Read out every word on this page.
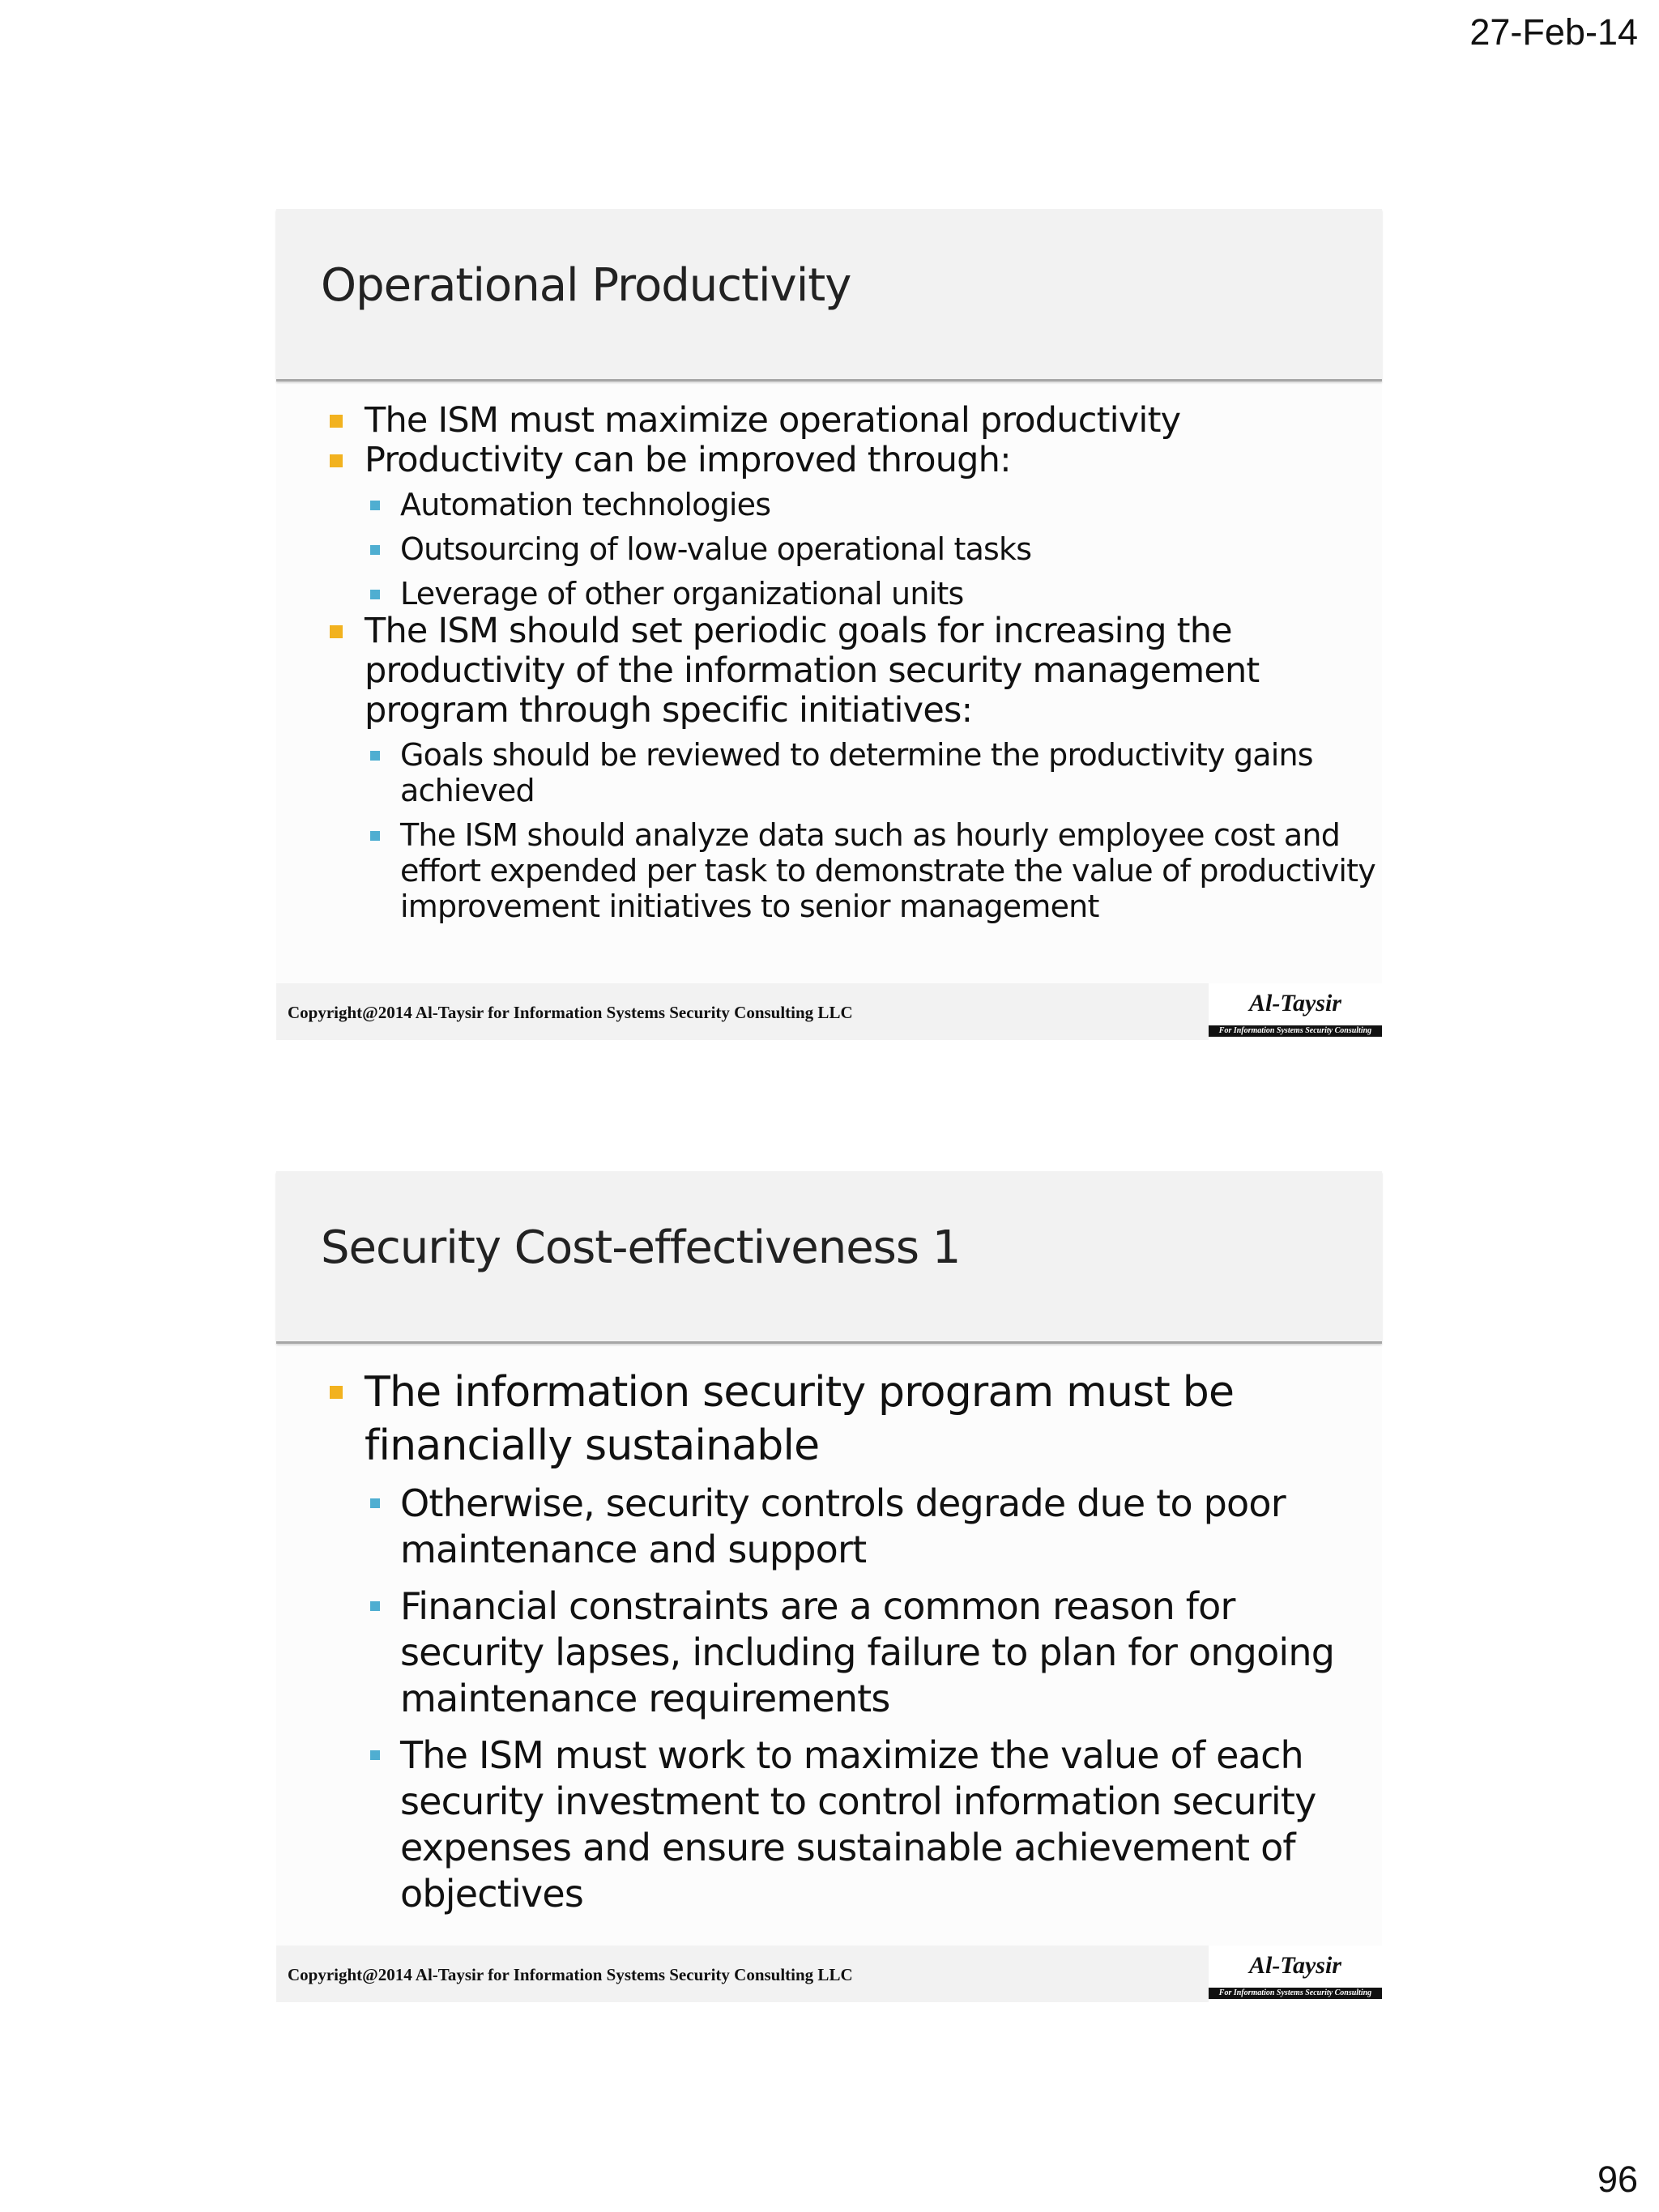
27-Feb-14
Operational Productivity
The ISM must maximize operational productivity
Productivity can be improved through:
Automation technologies
Outsourcing of low-value operational tasks
Leverage of other organizational units
The ISM should set periodic goals for increasing the productivity of the information security management program through specific initiatives:
Goals should be reviewed to determine the productivity gains achieved
The ISM should analyze data such as hourly employee cost and effort expended per task to demonstrate the value of productivity improvement initiatives to senior management
Copyright@2014 Al-Taysir for Information Systems Security Consulting LLC	Al-Taysir
For Information Systems Security Consulting
Security Cost-effectiveness 1
The information security program must be financially sustainable
Otherwise, security controls degrade due to poor maintenance and support
Financial constraints are a common reason for security lapses, including failure to plan for ongoing maintenance requirements
The ISM must work to maximize the value of each security investment to control information security expenses and ensure sustainable achievement of objectives
Copyright@2014 Al-Taysir for Information Systems Security Consulting LLC	Al-Taysir
For Information Systems Security Consulting
96
